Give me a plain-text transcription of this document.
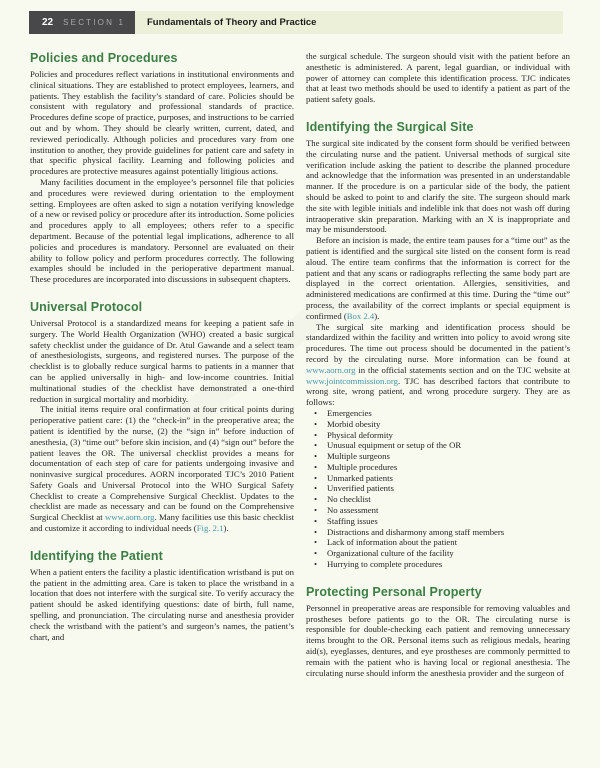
22 SECTION 1 Fundamentals of Theory and Practice
Policies and Procedures

Policies and procedures reflect variations in institutional environments and clinical situations. They are established to protect employees, learners, and patients. They establish the facility’s standard of care. Policies should be consistent with regulatory and professional standards of practice. Procedures define scope of practice, purposes, and instructions to be carried out and by whom. They should be clearly written, current, dated, and reviewed periodically. Although policies and procedures vary from one institution to another, they provide guidelines for patient care and safety in that specific physical facility. Learning and following policies and procedures are protective measures against potentially litigious actions.

Many facilities document in the employee’s personnel file that policies and procedures were reviewed during orientation to the employment setting. Employees are often asked to sign a notation verifying knowledge of a new or revised policy or procedure after its introduction. Some policies and procedures apply to all employees; others refer to a specific department. Because of the potential legal implications, adherence to all policies and procedures is mandatory. Personnel are evaluated on their ability to follow policy and perform procedures correctly. The following examples should be included in the perioperative department manual. These procedures are incorporated into discussions in subsequent chapters.

Universal Protocol

Universal Protocol is a standardized means for keeping a patient safe in surgery. The World Health Organization (WHO) created a basic surgical safety checklist under the guidance of Dr. Atul Gawande and a select team of anesthesiologists, surgeons, and registered nurses. The purpose of the checklist is to globally reduce surgical harms to patients in a manner that can be applied universally in high- and low-income countries. Initial multinational studies of the checklist have demonstrated a one-third reduction in surgical mortality and morbidity.

The initial items require oral confirmation at four critical points during perioperative patient care: (1) the “check-in” in the preoperative area; the patient is identified by the nurse, (2) the “sign in” before induction of anesthesia, (3) “time out” before skin incision, and (4) “sign out” before the patient leaves the OR. The universal checklist provides a means for documentation of each step of care for patients undergoing invasive and noninvasive surgical procedures. AORN incorporated TJC’s 2010 Patient Safety Goals and Universal Protocol into the WHO Surgical Safety Checklist to create a Comprehensive Surgical Checklist. Updates to the checklist are made as necessary and can be found on the Comprehensive Surgical Checklist at www.aorn.org. Many facilities use this basic checklist and customize it according to individual needs (Fig. 2.1).

Identifying the Patient

When a patient enters the facility a plastic identification wristband is put on the patient in the admitting area. Care is taken to place the wristband in a location that does not interfere with the surgical site. To verify accuracy the patient should be asked identifying questions: date of birth, full name, spelling, and pronunciation. The circulating nurse and anesthesia provider check the wristband with the patient’s and surgeon’s names, the patient’s chart, and

the surgical schedule. The surgeon should visit with the patient before an anesthetic is administered. A parent, legal guardian, or individual with power of attorney can complete this identification process. TJC indicates that at least two methods should be used to identify a patient as part of the patient safety goals.

Identifying the Surgical Site

The surgical site indicated by the consent form should be verified between the circulating nurse and the patient. Universal methods of surgical site verification include asking the patient to describe the planned procedure and acknowledge that the information was presented in an understandable manner. If the procedure is on a particular side of the body, the patient should be asked to point to and clarify the site. The surgeon should mark the site with legible initials and indelible ink that does not wash off during intraoperative skin preparation. Marking with an X is inappropriate and may be misunderstood.

Before an incision is made, the entire team pauses for a “time out” as the patient is identified and the surgical site listed on the consent form is read aloud. The entire team confirms that the information is correct for the patient and that any scans or radiographs reflecting the same body part are displayed in the correct orientation. Allergies, sensitivities, and administered medications are confirmed at this time. During the “time out” process, the availability of the correct implants or special equipment is confirmed (Box 2.4).

The surgical site marking and identification process should be standardized within the facility and written into policy to avoid wrong site procedures. The time out process should be documented in the patient’s record by the circulating nurse. More information can be found at www.aorn.org in the official statements section and on the TJC website at www.jointcommission.org. TJC has described factors that contribute to wrong site, wrong patient, and wrong procedure surgery. They are as follows:

• Emergencies
• Morbid obesity
• Physical deformity
• Unusual equipment or setup of the OR
• Multiple surgeons
• Multiple procedures
• Unmarked patients
• Unverified patients
• No checklist
• No assessment
• Staffing issues
• Distractions and disharmony among staff members
• Lack of information about the patient
• Organizational culture of the facility
• Hurrying to complete procedures
Protecting Personal Property

Personnel in preoperative areas are responsible for removing valuables and prostheses before patients go to the OR. The circulating nurse is responsible for double-checking each patient and removing unnecessary items brought to the OR. Personal items such as religious medals, hearing aid(s), eyeglasses, dentures, and eye prostheses are commonly permitted to remain with the patient who is having local or regional anesthesia. The circulating nurse should inform the anesthesia provider and the surgeon of
